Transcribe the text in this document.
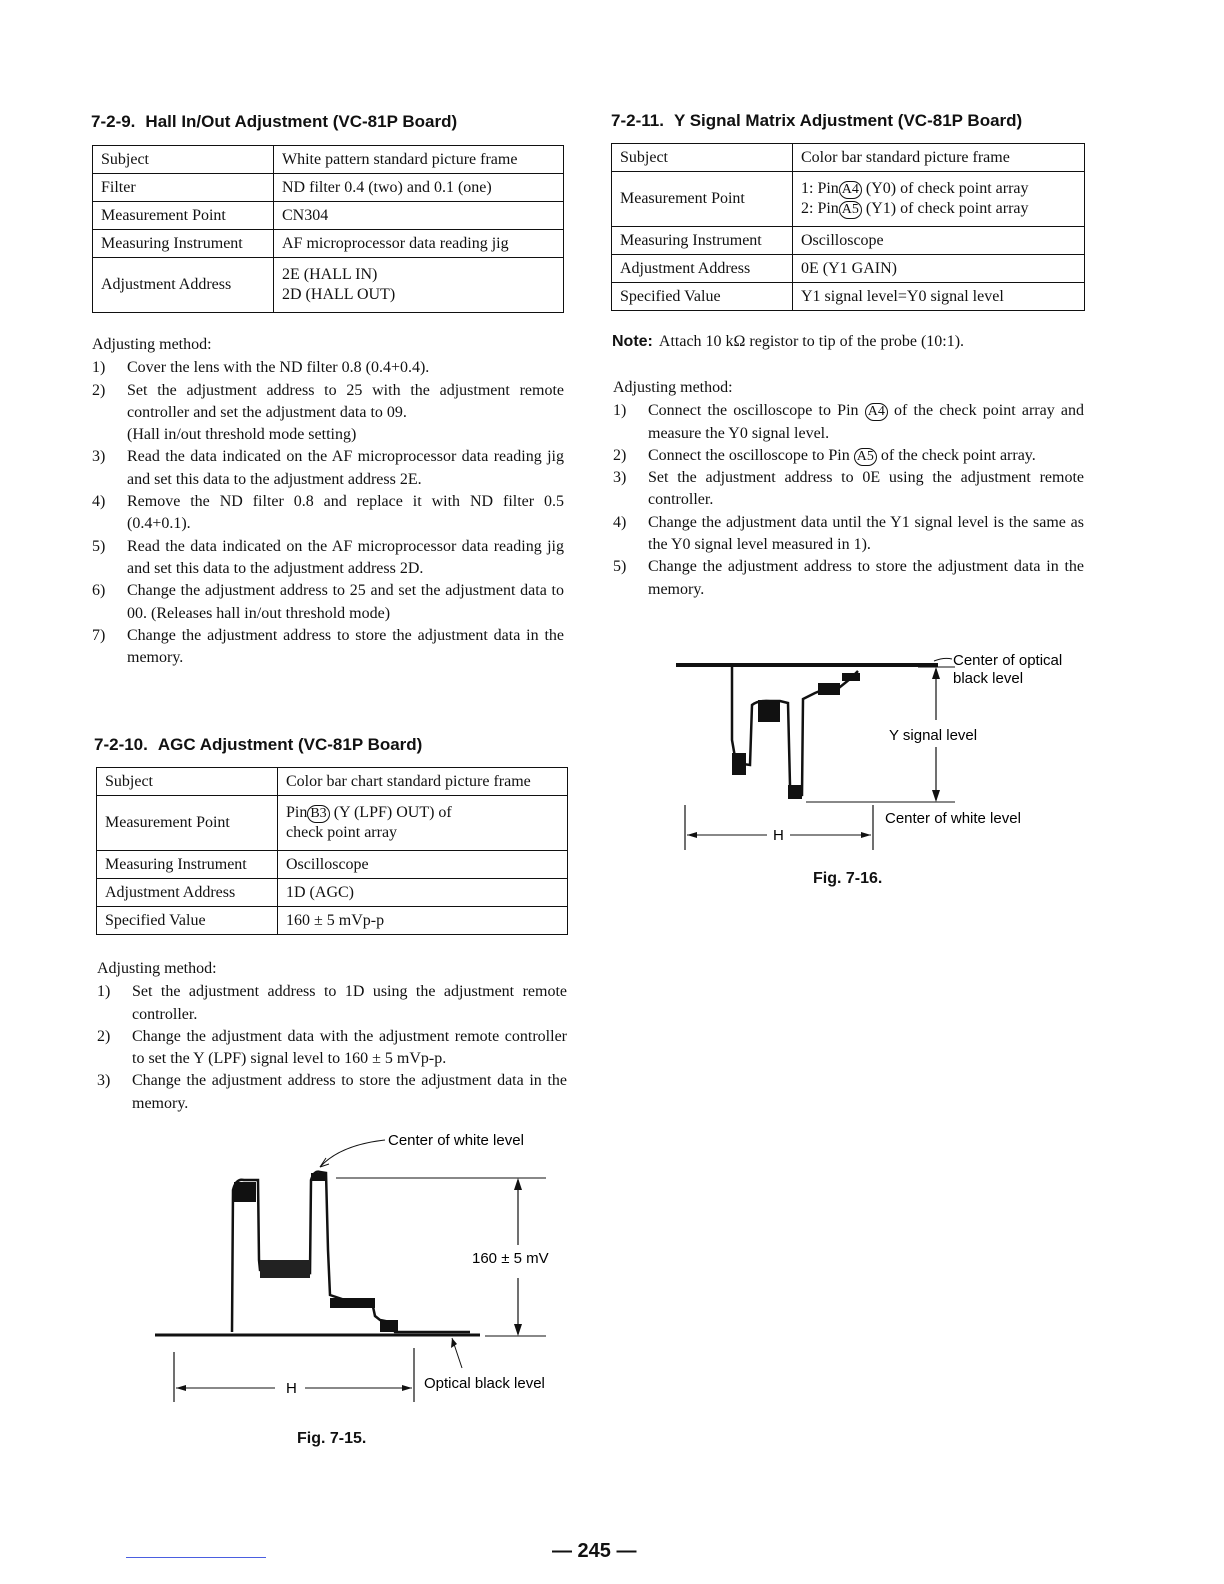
7-2-9. Hall In/Out Adjustment (VC-81P Board)
Subject	White pattern standard picture frame
Filter	ND filter 0.4 (two) and 0.1 (one)
Measurement Point	CN304
Measuring Instrument	AF microprocessor data reading jig
Adjustment Address	2E (HALL IN)
2D (HALL OUT)
Adjusting method:
1)	Cover the lens with the ND filter 0.8 (0.4+0.4).
2)	Set the adjustment address to 25 with the adjustment remote controller and set the adjustment data to 09.
(Hall in/out threshold mode setting)
3)	Read the data indicated on the AF microprocessor data reading jig and set this data to the adjustment address 2E.
4)	Remove the ND filter 0.8 and replace it with ND filter 0.5 (0.4+0.1).
5)	Read the data indicated on the AF microprocessor data reading jig and set this data to the adjustment address 2D.
6)	Change the adjustment address to 25 and set the adjustment data to 00. (Releases hall in/out threshold mode)
7)	Change the adjustment address to store the adjustment data in the memory.
7-2-10. AGC Adjustment (VC-81P Board)
Subject	Color bar chart standard picture frame
Measurement Point	Pin B3 (Y (LPF) OUT) of
check point array

Measuring Instrument	Oscilloscope
Adjustment Address	1D (AGC)
Specified Value	160 ± 5 mVp-p
Adjusting method:
1)	Set the adjustment address to 1D using the adjustment remote controller.
2)	Change the adjustment data with the adjustment remote controller to set the Y (LPF) signal level to 160 ± 5 mVp-p.
3)	Change the adjustment address to store the adjustment data in the memory.
Center of white level
160 ± 5 mV
H	Optical black level
Fig. 7-15.
7-2-11. Y Signal Matrix Adjustment (VC-81P Board)
Subject	Color bar standard picture frame
Measurement Point	1: Pin A4 (Y0) of check point array
2: Pin A5 (Y1) of check point array

Measuring Instrument	Oscilloscope
Adjustment Address	0E (Y1 GAIN)
Specified Value	Y1 signal level=Y0 signal level
Note: Attach 10 kΩ registor to tip of the probe (10:1).
Adjusting method:
1)	Connect the oscilloscope to Pin A4 of the check point array and measure the Y0 signal level.
2)	Connect the oscilloscope to Pin A5 of the check point array.
3)	Set the adjustment address to 0E using the adjustment remote controller.
4)	Change the adjustment data until the Y1 signal level is the same as the Y0 signal level measured in 1).
5)	Change the adjustment address to store the adjustment data in the memory.
Center of optical
black level
Y signal level
H
Center of white level
Fig. 7-16.
— 245 —
